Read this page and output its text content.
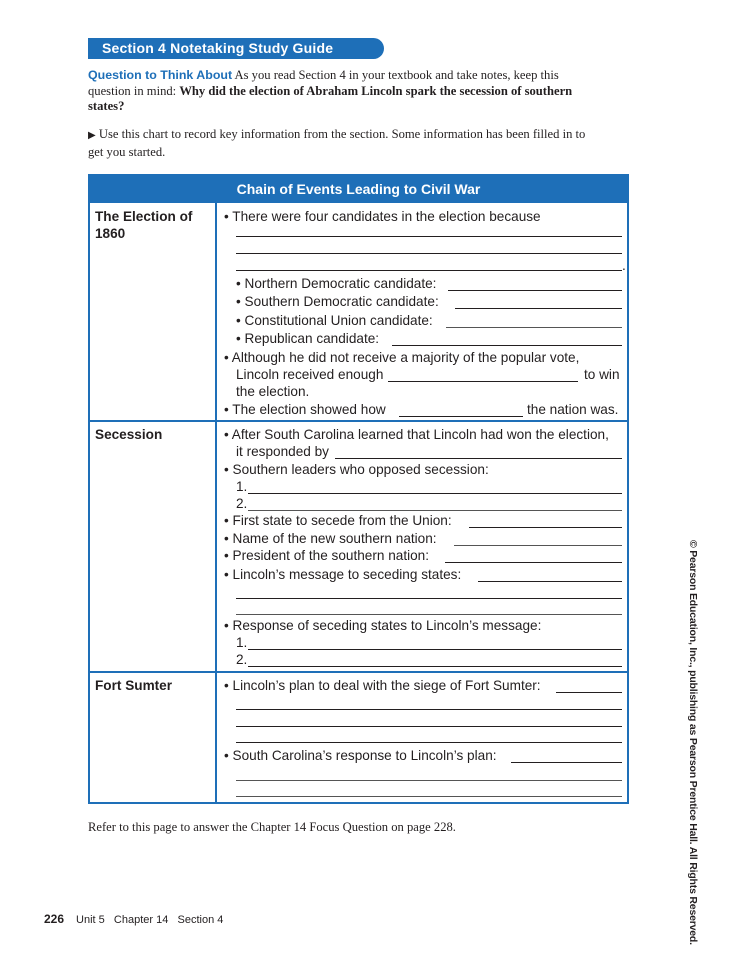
Section 4 Notetaking Study Guide
Question to Think About As you read Section 4 in your textbook and take notes, keep this question in mind: Why did the election of Abraham Lincoln spark the secession of southern states?
▶ Use this chart to record key information from the section. Some information has been filled in to get you started.
Chain of Events Leading to Civil War
The Election of 1860
• There were four candidates in the election because
.
• Northern Democratic candidate:
• Southern Democratic candidate:
• Constitutional Union candidate:
• Republican candidate:
• Although he did not receive a majority of the popular vote,
Lincoln received enough	to win
the election.
• The election showed how	the nation was.
Secession	• After South Carolina learned that Lincoln had won the election,
it responded by
• Southern leaders who opposed secession:
1.
2.
• First state to secede from the Union:
• Name of the new southern nation:
• President of the southern nation:
• Lincoln’s message to seceding states:
• Response of seceding states to Lincoln’s message:
1.
2.
Fort Sumter	• Lincoln’s plan to deal with the siege of Fort Sumter:
• South Carolina’s response to Lincoln’s plan:
Refer to this page to answer the Chapter 14 Focus Question on page 228.
226 Unit 5   Chapter 14   Section 4	© Pearson Education, Inc., publishing as Pearson Prentice Hall. All Rights Reserved.
